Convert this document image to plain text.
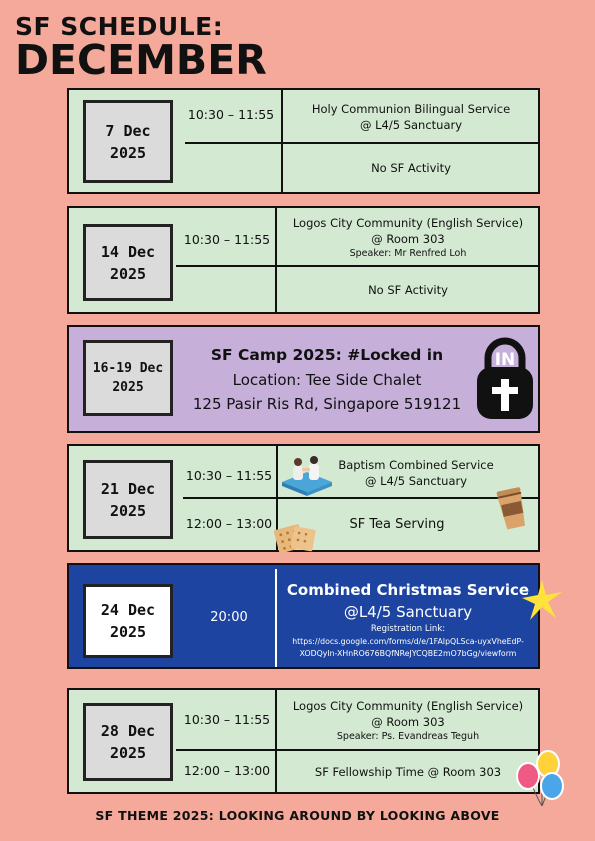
SF SCHEDULE:
DECEMBER
7 Dec
2025
10:30 – 11:55	Holy Communion Bilingual Service
@ L4/5 Sanctuary
No SF Activity
14 Dec
2025
10:30 – 11:55
Logos City Community (English Service)
@ Room 303
Speaker: Mr Renfred Loh
No SF Activity
16-19 Dec
2025
SF Camp 2025: #Locked in
Location: Tee Side Chalet
125 Pasir Ris Rd, Singapore 519121
IN
21 Dec
2025
10:30 – 11:55
12:00 – 13:00
Baptism Combined Service
@ L4/5 Sanctuary
SF Tea Serving
24 Dec
2025
20:00
Combined Christmas Service
@L4/5 Sanctuary
Registration Link:
https://docs.google.com/forms/d/e/1FAIpQLSca-uyxVheEdP-
XODQyIn-XHnRO676BQfNReJYCQBE2mO7bGg/viewform
28 Dec
2025
10:30 – 11:55
12:00 – 13:00
Logos City Community (English Service)
@ Room 303
Speaker: Ps. Evandreas Teguh
SF Fellowship Time @ Room 303
SF THEME 2025: LOOKING AROUND BY LOOKING ABOVE
